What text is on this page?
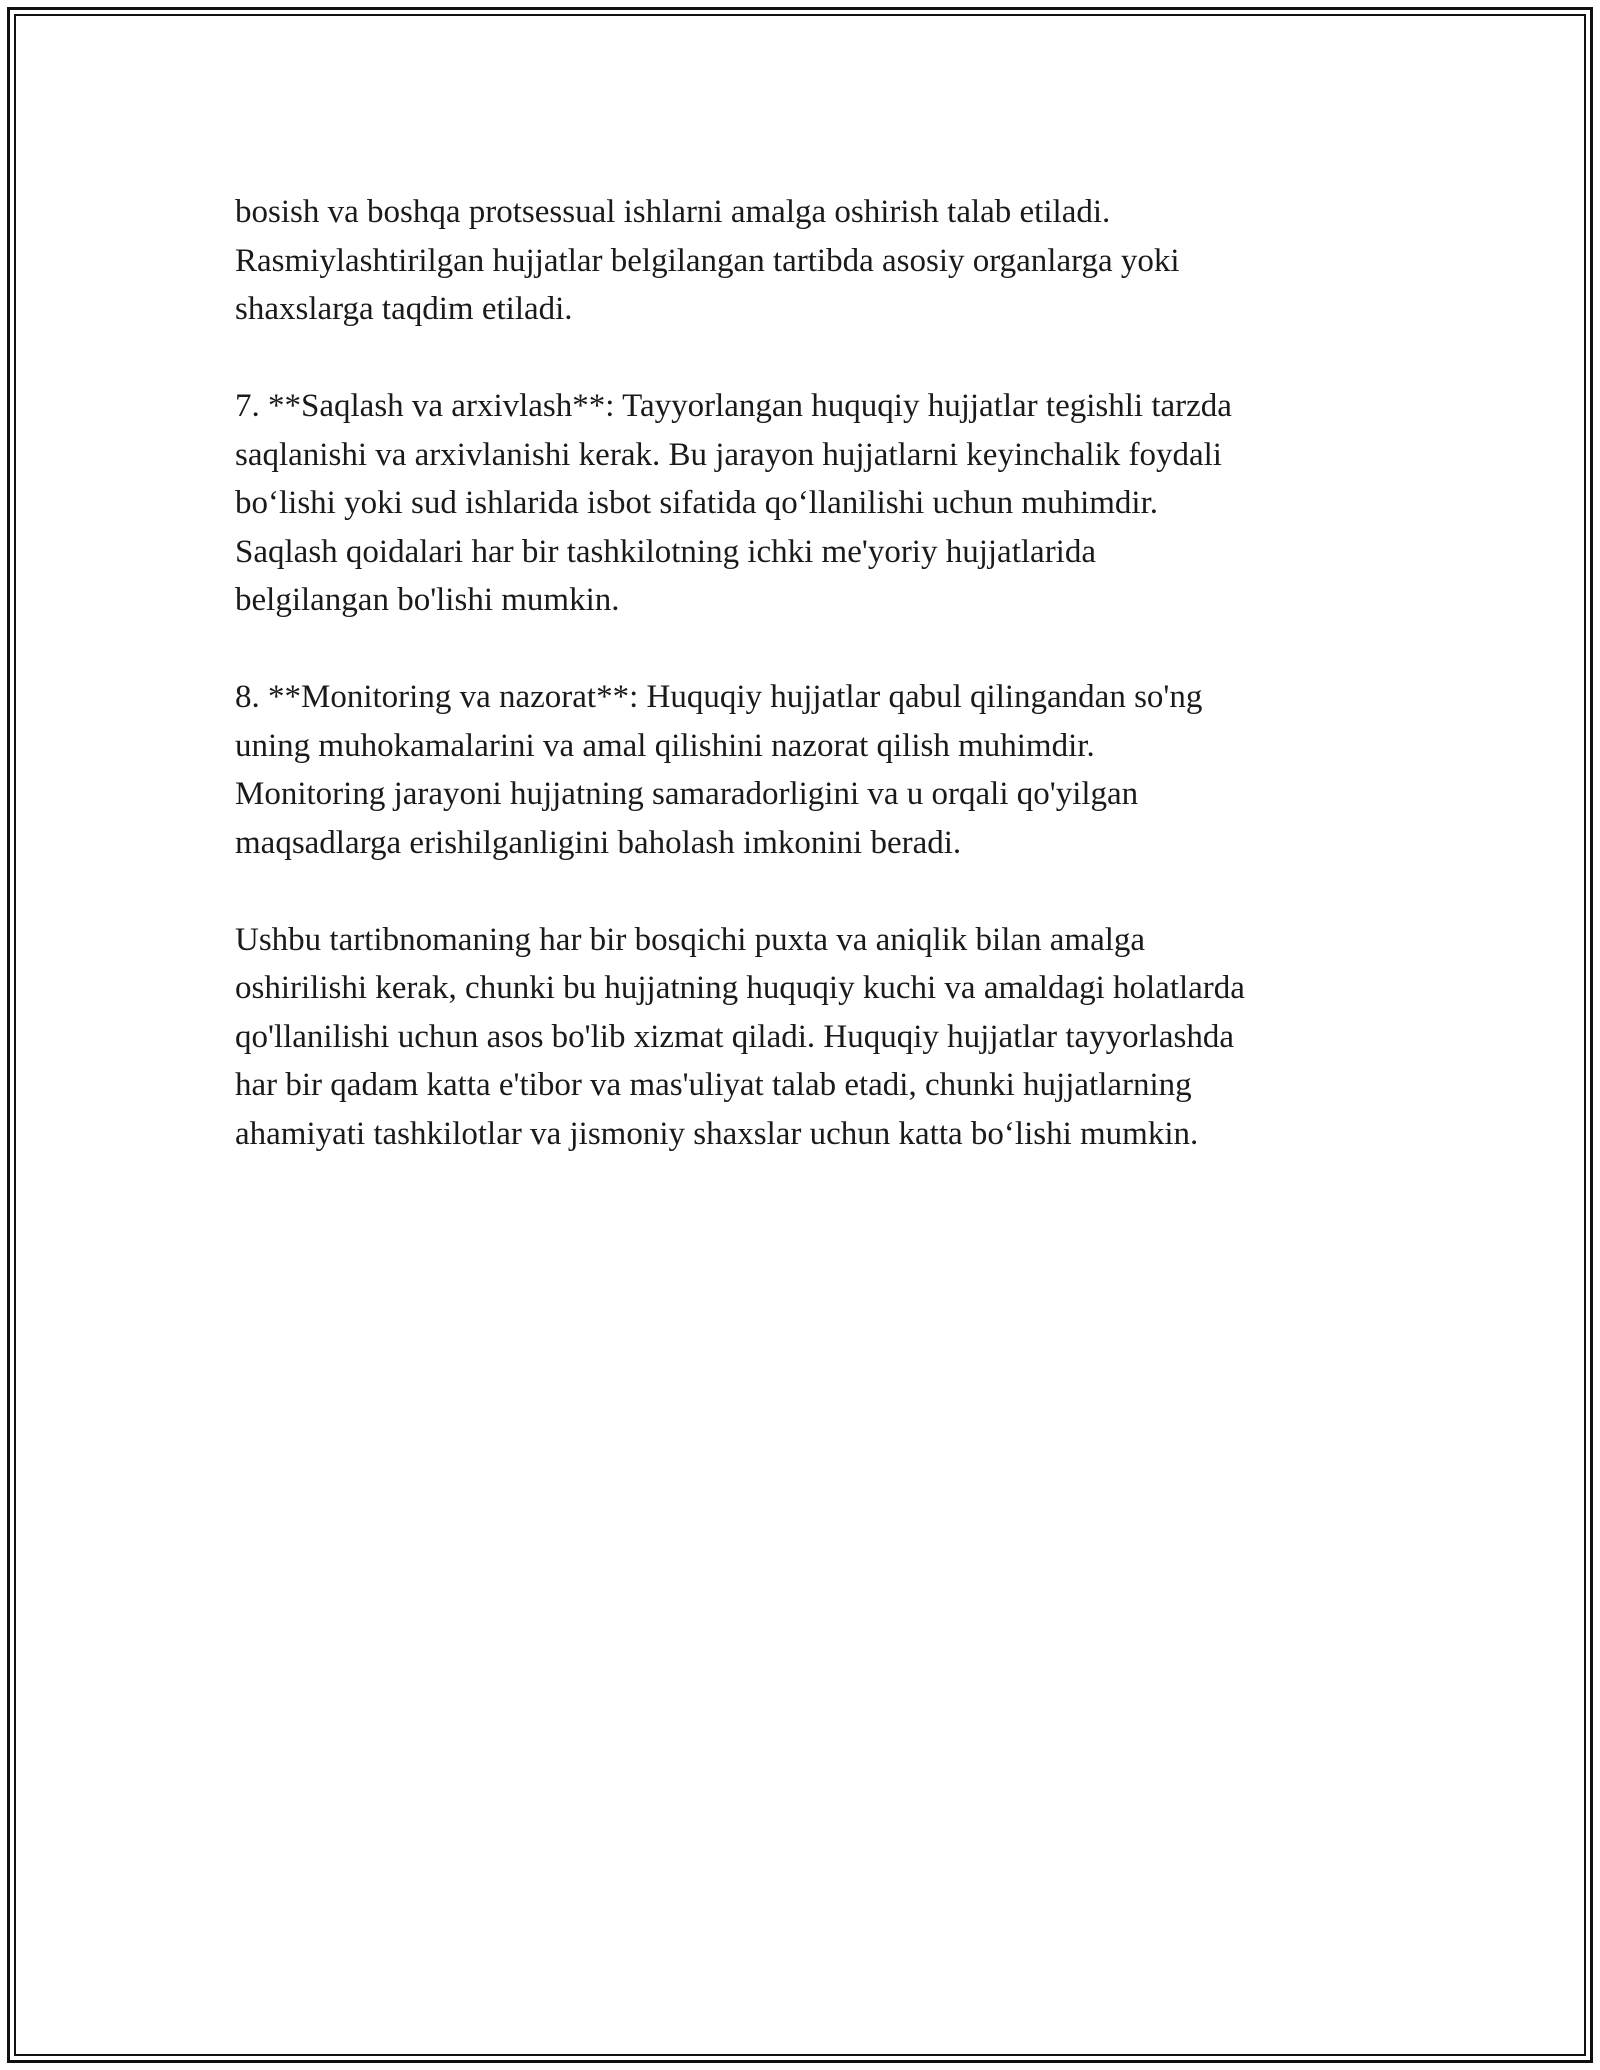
bosish va boshqa protsessual ishlarni amalga oshirish talab etiladi.
Rasmiylashtirilgan hujjatlar belgilangan tartibda asosiy organlarga yoki
shaxslarga taqdim etiladi.

7. **Saqlash va arxivlash**: Tayyorlangan huquqiy hujjatlar tegishli tarzda
saqlanishi va arxivlanishi kerak. Bu jarayon hujjatlarni keyinchalik foydali
bo‘lishi yoki sud ishlarida isbot sifatida qo‘llanilishi uchun muhimdir.
Saqlash qoidalari har bir tashkilotning ichki me'yoriy hujjatlarida
belgilangan bo'lishi mumkin.

8. **Monitoring va nazorat**: Huquqiy hujjatlar qabul qilingandan so'ng
uning muhokamalarini va amal qilishini nazorat qilish muhimdir.
Monitoring jarayoni hujjatning samaradorligini va u orqali qo'yilgan
maqsadlarga erishilganligini baholash imkonini beradi.

Ushbu tartibnomaning har bir bosqichi puxta va aniqlik bilan amalga
oshirilishi kerak, chunki bu hujjatning huquqiy kuchi va amaldagi holatlarda
qo'llanilishi uchun asos bo'lib xizmat qiladi. Huquqiy hujjatlar tayyorlashda
har bir qadam katta e'tibor va mas'uliyat talab etadi, chunki hujjatlarning
ahamiyati tashkilotlar va jismoniy shaxslar uchun katta bo‘lishi mumkin.
